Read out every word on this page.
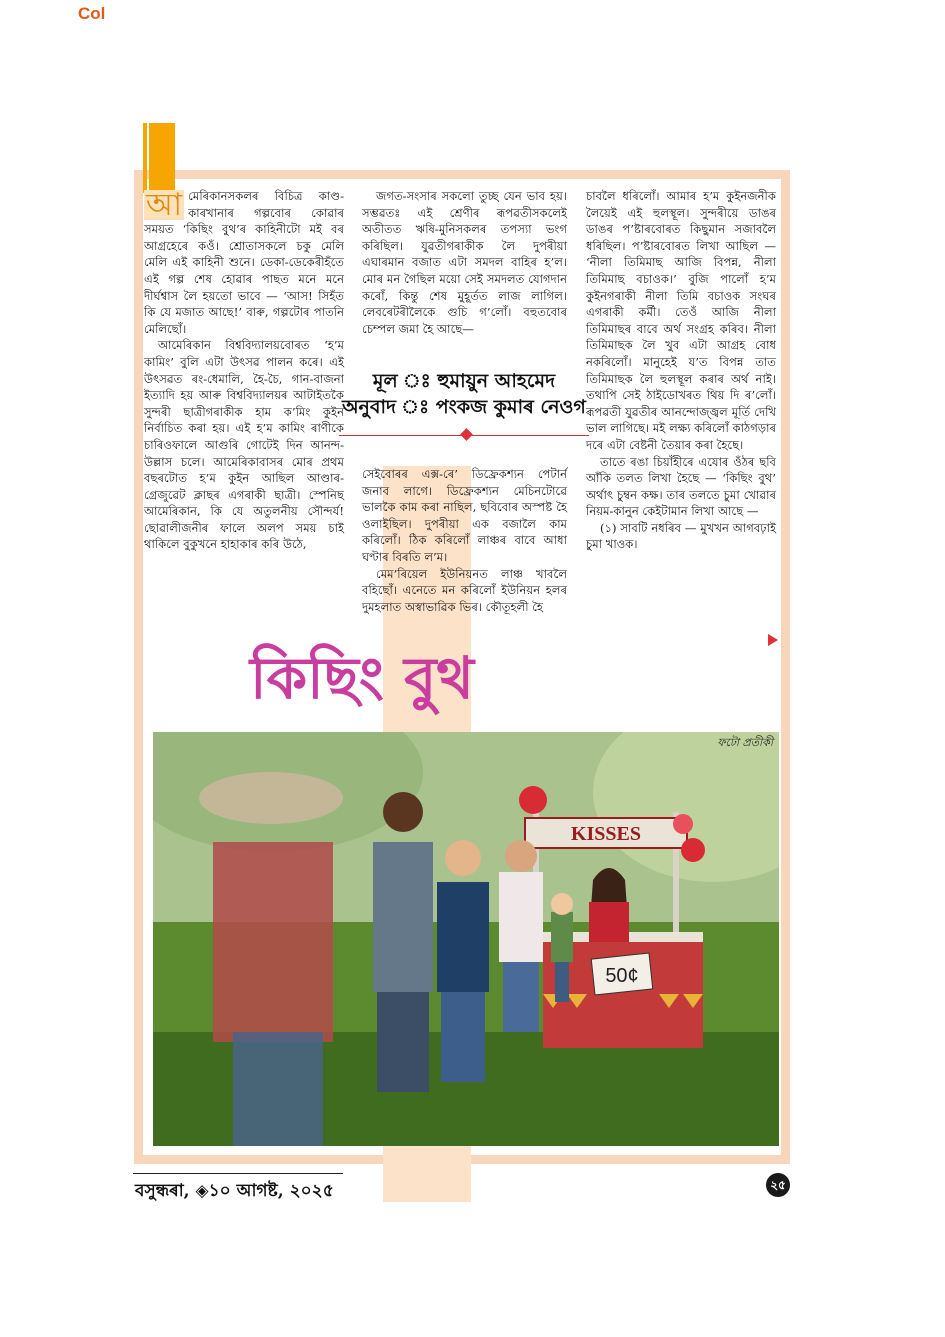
Col

আ মেৰিকানসকলৰ বিচিত্ৰ কাণ্ড-কাৰখানাৰ গল্পবোৰ কোৱাৰ সময়ত ‘কিছিং বুথ’ৰ কাহিনীটো মই বৰ আগ্ৰহেৰে কওঁ। শ্ৰোতাসকলে চকু মেলি মেলি এই কাহিনী শুনে। ডেকা-ডেকেৰীহঁতে এই গল্প শেষ হোৱাৰ পাছত মনে মনে দীৰ্ঘশ্বাস লৈ হয়তো ভাবে — ‘আস! সিহঁত কি যে মজাত আছে!’ বাৰু, গল্পটোৰ পাতনি মেলিছোঁ।

আমেৰিকান বিশ্ববিদ্যালয়বোৰত ‘হ’ম কামিং’ বুলি এটা উৎসৱ পালন কৰে। এই উৎসৱত ৰং-ধেমালি, হৈ-চৈ, গান-বাজনা ইত্যাদি হয় আৰু বিশ্ববিদ্যালয়ৰ আটাইতকৈ সুন্দৰী ছাত্ৰীগৰাকীক হাম ক’মিং কুইন নিৰ্বাচিত কৰা হয়। এই হ’ম কামিং ৰাণীকে চাৰিওফালে আগুৰি গোটেই দিন আনন্দ-উল্লাস চলে। আমেৰিকাবাসৰ মোৰ প্ৰথম বছৰটোত হ’ম কুইন আছিল আণ্ডাৰ-গ্ৰেজুৱেট ক্লাছৰ এগৰাকী ছাত্ৰী। স্পেনিছ আমেৰিকান, কি যে অতুলনীয় সৌন্দৰ্য! ছোৱালীজনীৰ ফালে অলপ সময় চাই থাকিলে বুকুখনে হাহাকাৰ কৰি উঠে,

জগত-সংসাৰ সকলো তুচ্ছ যেন ভাব হয়। সম্ভৱতঃ এই শ্ৰেণীৰ ৰূপৱতীসকলেই অতীতত ঋষি-মুনিসকলৰ তপস্যা ভংগ কৰিছিল। যুৱতীগৰাকীক লৈ দুপৰীয়া এঘাৰমান বজাত এটা সমদল বাহিৰ হ’ল। মোৰ মন গৈছিল ময়ো সেই সমদলত যোগদান কৰোঁ, কিন্তু শেষ মুহূৰ্তত লাজ লাগিল। লেবৰেটৰীলৈকে গুচি গ’লোঁ। বহুতবোৰ চেম্পল জমা হৈ আছে—

মূল ঃ হুমায়ুন আহমেদ
অনুবাদ ঃ পংকজ কুমাৰ নেওগ

সেইবোৰৰ এক্স-ৰে’ ডিফ্ৰেকশ্যন পেটাৰ্ন জনাব লাগে। ডিফ্ৰেকশ্যন মেচিনটোৱে ভালকৈ কাম কৰা নাছিল, ছবিবোৰ অস্পষ্ট হৈ ওলাইছিল। দুপৰীয়া এক বজালৈ কাম কৰিলোঁ। ঠিক কৰিলোঁ লাঞ্চৰ বাবে আধা ঘণ্টাৰ বিৰতি ল’ম।

মেম’ৰিয়েল ইউনিয়নত লাঞ্চ খাবলৈ বহিছোঁ। এনেতে মন কৰিলোঁ ইউনিয়ন হলৰ দুমহলাত অস্বাভাৱিক ভিৰ। কৌতূহলী হৈ

চাবলৈ ধৰিলোঁ। আমাৰ হ’ম কুইনজনীক লৈয়েই এই হুলস্থূল। সুন্দৰীয়ে ডাঙৰ ডাঙৰ প’ষ্টাৰবোৰত কিছুমান সজাবলৈ ধৰিছিল। প’ষ্টাৰবোৰত লিখা আছিল — ‘নীলা তিমিমাছ আজি বিপন্ন, নীলা তিমিমাছ বচাওক।’ বুজি পালোঁ হ’ম কুইনগৰাকী নীলা তিমি বচাওক সংঘৰ এগৰাকী কৰ্মী। তেওঁ আজি নীলা তিমিমাছৰ বাবে অৰ্থ সংগ্ৰহ কৰিব। নীলা তিমিমাছক লৈ খুব এটা আগ্ৰহ বোধ নকৰিলোঁ। মানুহেই য’ত বিপন্ন তাত তিমিমাছক লৈ হুলস্থূল কৰাৰ অৰ্থ নাই। তথাপি সেই ঠাইডোখৰত থিয় দি ৰ’লোঁ। ৰূপৱতী যুৱতীৰ আনন্দোজ্জ্বল মূৰ্তি দেখি ভাল লাগিছে। মই লক্ষ্য কৰিলোঁ কাঠগড়াৰ দৰে এটা বেষ্টনী তৈয়াৰ কৰা হৈছে।

তাতে ৰঙা চিয়াঁহীৰে এযোৰ ওঁঠৰ ছবি আঁকি তলত লিখা হৈছে — ‘কিছিং বুথ’ অৰ্থাৎ চুম্বন কক্ষ। তাৰ তলতে চুমা খোৱাৰ নিয়ম-কানুন কেইটামান লিখা আছে —

(১) সাবটি নধৰিব — মুখখন আগবঢ়াই চুমা খাওক।

কিছিং বুথ
KISSES
50¢
ফটো প্ৰতীকী
বসুন্ধৰা, ◈১০ আগষ্ট, ২০২৫	২৫
